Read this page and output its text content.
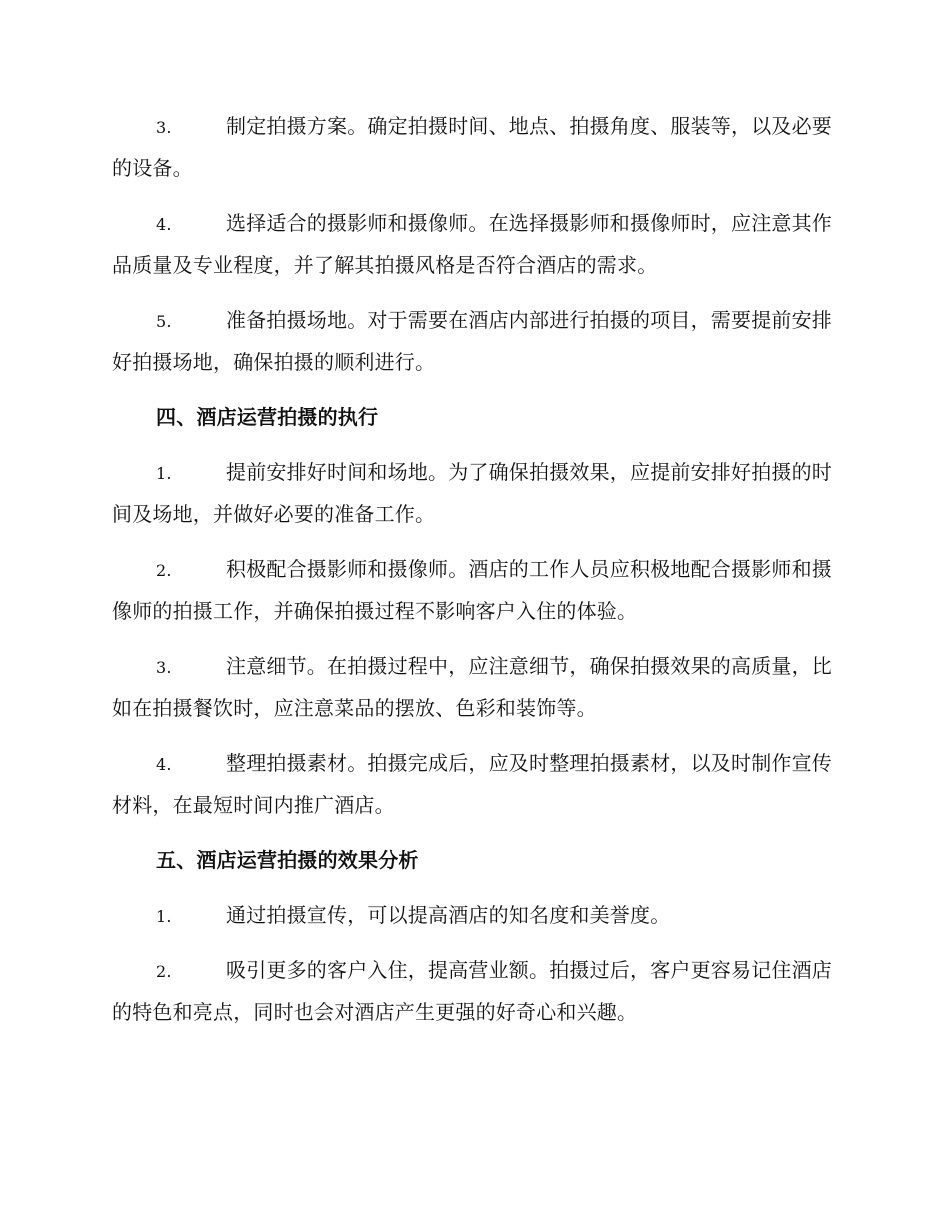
3.	制定拍摄方案。确定拍摄时间、地点、拍摄角度、服装等，以及必要的设备。
4.	选择适合的摄影师和摄像师。在选择摄影师和摄像师时，应注意其作品质量及专业程度，并了解其拍摄风格是否符合酒店的需求。
5.	准备拍摄场地。对于需要在酒店内部进行拍摄的项目，需要提前安排好拍摄场地，确保拍摄的顺利进行。
四、酒店运营拍摄的执行
1.	提前安排好时间和场地。为了确保拍摄效果，应提前安排好拍摄的时间及场地，并做好必要的准备工作。
2.	积极配合摄影师和摄像师。酒店的工作人员应积极地配合摄影师和摄像师的拍摄工作，并确保拍摄过程不影响客户入住的体验。
3.	注意细节。在拍摄过程中，应注意细节，确保拍摄效果的高质量，比如在拍摄餐饮时，应注意菜品的摆放、色彩和装饰等。
4.	整理拍摄素材。拍摄完成后，应及时整理拍摄素材，以及时制作宣传材料，在最短时间内推广酒店。
五、酒店运营拍摄的效果分析
1.	通过拍摄宣传，可以提高酒店的知名度和美誉度。
2.	吸引更多的客户入住，提高营业额。拍摄过后，客户更容易记住酒店的特色和亮点，同时也会对酒店产生更强的好奇心和兴趣。
